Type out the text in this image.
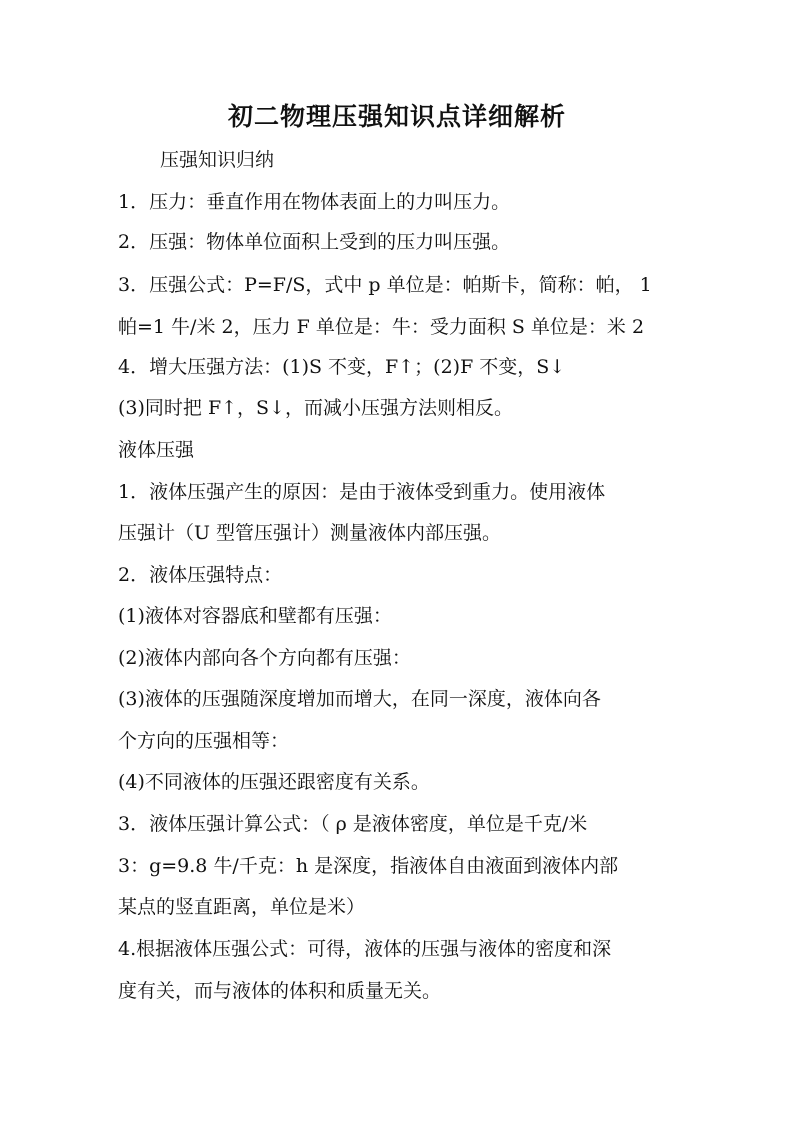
初二物理压强知识点详细解析
压强知识归纳
1．压力：垂直作用在物体表面上的力叫压力。
2．压强：物体单位面积上受到的压力叫压强。
3．压强公式：P=F/S，式中 p 单位是：帕斯卡，简称：帕， 1
帕=1 牛/米 2，压力 F 单位是：牛：受力面积 S 单位是：米 2
4．增大压强方法：(1)S 不变，F↑；(2)F 不变，S↓
(3)同时把 F↑，S↓，而减小压强方法则相反。
液体压强
1．液体压强产生的原因：是由于液体受到重力。使用液体
压强计（U 型管压强计）测量液体内部压强。
2．液体压强特点：
(1)液体对容器底和壁都有压强：
(2)液体内部向各个方向都有压强：
(3)液体的压强随深度增加而增大，在同一深度，液体向各
个方向的压强相等：
(4)不同液体的压强还跟密度有关系。
3．液体压强计算公式：（ ρ 是液体密度，单位是千克/米
3：g=9.8 牛/千克：h 是深度，指液体自由液面到液体内部
某点的竖直距离，单位是米）
4.根据液体压强公式：可得，液体的压强与液体的密度和深
度有关，而与液体的体积和质量无关。
